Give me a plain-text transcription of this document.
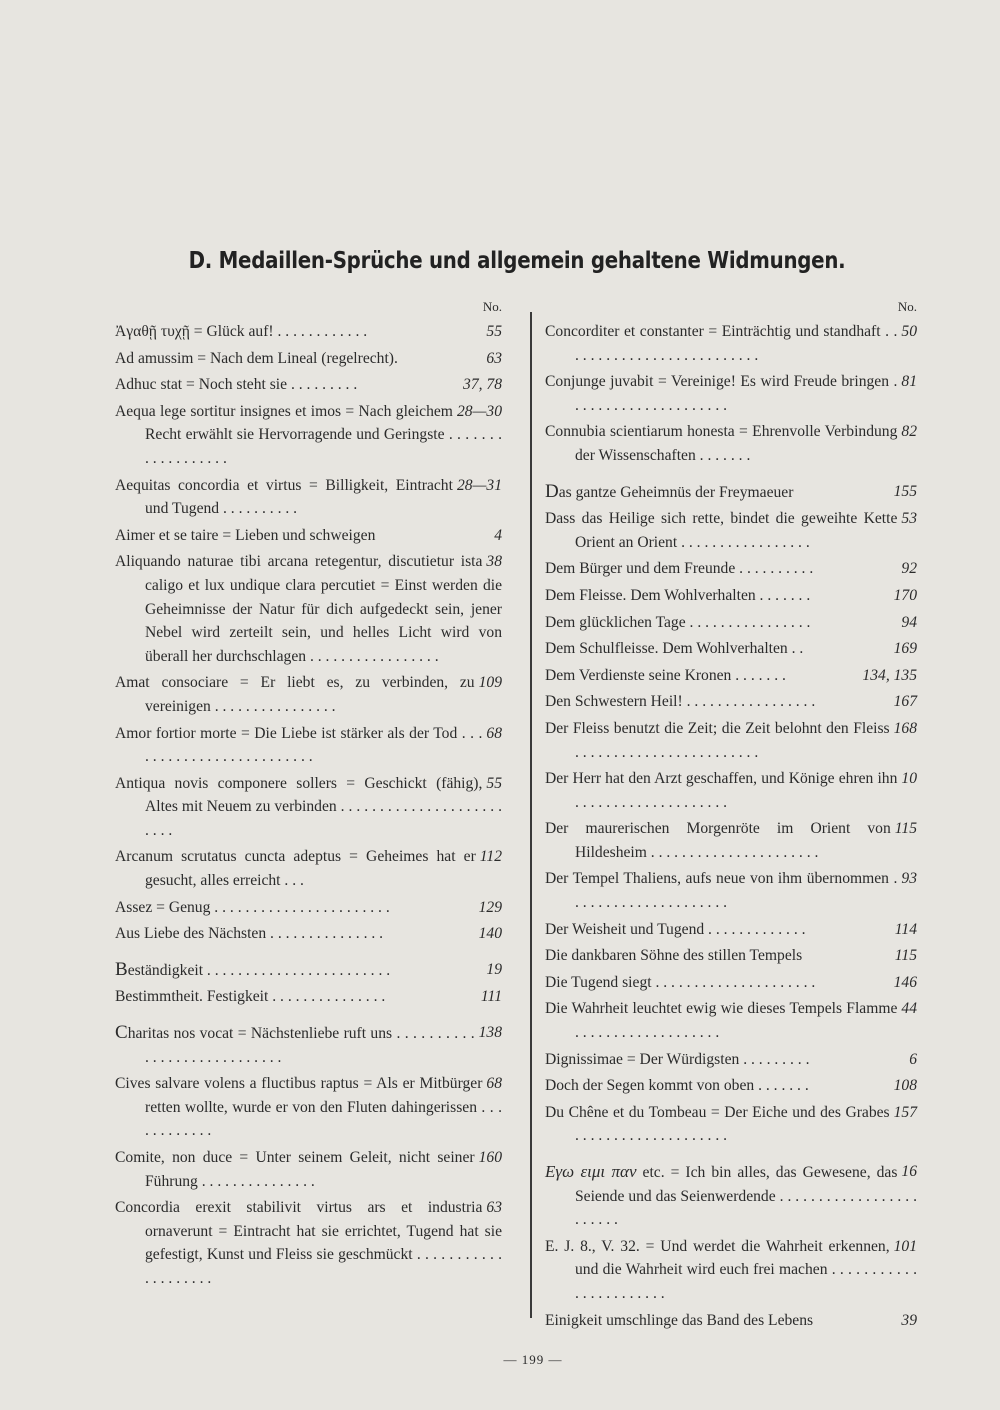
D. Medaillen-Sprüche und allgemein gehaltene Widmungen.
No.
55
Ἀγαθῇ τυχῇ = Glück auf! . . . . . . . . . . . .
63
Ad amussim = Nach dem Lineal (regelrecht).
37, 78
Adhuc stat = Noch steht sie . . . . . . . . .
28—30
Aequa lege sortitur insignes et imos = Nach gleichem Recht erwählt sie Hervorragende und Geringste . . . . . . . . . . . . . . . . . .
28—31
Aequitas concordia et virtus = Billigkeit, Eintracht und Tugend . . . . . . . . . .
4
Aimer et se taire = Lieben und schweigen
38
Aliquando naturae tibi arcana retegentur, discutietur ista caligo et lux undique clara percutiet = Einst werden die Geheimnisse der Natur für dich aufgedeckt sein, jener Nebel wird zerteilt sein, und helles Licht wird von überall her durchschlagen . . . . . . . . . . . . . . . . .
109
Amat consociare = Er liebt es, zu verbinden, zu vereinigen . . . . . . . . . . . . . . . .
68
Amor fortior morte = Die Liebe ist stärker als der Tod . . . . . . . . . . . . . . . . . . . . . . . . .
55
Antiqua novis componere sollers = Geschickt (fähig), Altes mit Neuem zu verbinden . . . . . . . . . . . . . . . . . . . . . . . . .
112
Arcanum scrutatus cuncta adeptus = Geheimes hat er gesucht, alles erreicht . . .
129
Assez = Genug . . . . . . . . . . . . . . . . . . . . . . .
140
Aus Liebe des Nächsten . . . . . . . . . . . . . . .
19
Beständigkeit . . . . . . . . . . . . . . . . . . . . . . . .
111
Bestimmtheit. Festigkeit . . . . . . . . . . . . . . .
138
Charitas nos vocat = Nächstenliebe ruft uns . . . . . . . . . . . . . . . . . . . . . . . . . . . .
68
Cives salvare volens a fluctibus raptus = Als er Mitbürger retten wollte, wurde er von den Fluten dahingerissen . . . . . . . . . . . .
160
Comite, non duce = Unter seinem Geleit, nicht seiner Führung . . . . . . . . . . . . . . .
63
Concordia erexit stabilivit virtus ars et industria ornaverunt = Eintracht hat sie errichtet, Tugend hat sie gefestigt, Kunst und Fleiss sie geschmückt . . . . . . . . . . . . . . . . . . . .
No.
50
Concorditer et constanter = Einträchtig und standhaft . . . . . . . . . . . . . . . . . . . . . . . . . .
81
Conjunge juvabit = Vereinige! Es wird Freude bringen . . . . . . . . . . . . . . . . . . . . .
82
Connubia scientiarum honesta = Ehrenvolle Verbindung der Wissenschaften . . . . . . .
155
Das gantze Geheimnüs der Freymaeuer
53
Dass das Heilige sich rette, bindet die geweihte Kette Orient an Orient . . . . . . . . . . . . . . . . .
92
Dem Bürger und dem Freunde . . . . . . . . . .
170
Dem Fleisse. Dem Wohlverhalten . . . . . . .
94
Dem glücklichen Tage . . . . . . . . . . . . . . . .
169
Dem Schulfleisse. Dem Wohlverhalten . .
134, 135
Dem Verdienste seine Kronen . . . . . . .
167
Den Schwestern Heil! . . . . . . . . . . . . . . . . .
168
Der Fleiss benutzt die Zeit; die Zeit belohnt den Fleiss . . . . . . . . . . . . . . . . . . . . . . . .
10
Der Herr hat den Arzt geschaffen, und Könige ehren ihn . . . . . . . . . . . . . . . . . . . .
115
Der maurerischen Morgenröte im Orient von Hildesheim . . . . . . . . . . . . . . . . . . . . . .
93
Der Tempel Thaliens, aufs neue von ihm übernommen . . . . . . . . . . . . . . . . . . . . .
114
Der Weisheit und Tugend . . . . . . . . . . . . .
115
Die dankbaren Söhne des stillen Tempels
146
Die Tugend siegt . . . . . . . . . . . . . . . . . . . . .
44
Die Wahrheit leuchtet ewig wie dieses Tempels Flamme . . . . . . . . . . . . . . . . . . .
6
Dignissimae = Der Würdigsten . . . . . . . . .
108
Doch der Segen kommt von oben . . . . . . .
157
Du Chêne et du Tombeau = Der Eiche und des Grabes . . . . . . . . . . . . . . . . . . . .
16
Εγω ειμι παν etc. = Ich bin alles, das Gewesene, das Seiende und das Seienwerdende . . . . . . . . . . . . . . . . . . . . . . . .
101
E. J. 8., V. 32. = Und werdet die Wahrheit erkennen, und die Wahrheit wird euch frei machen . . . . . . . . . . . . . . . . . . . . . . .
39
Einigkeit umschlinge das Band des Lebens
— 199 —
